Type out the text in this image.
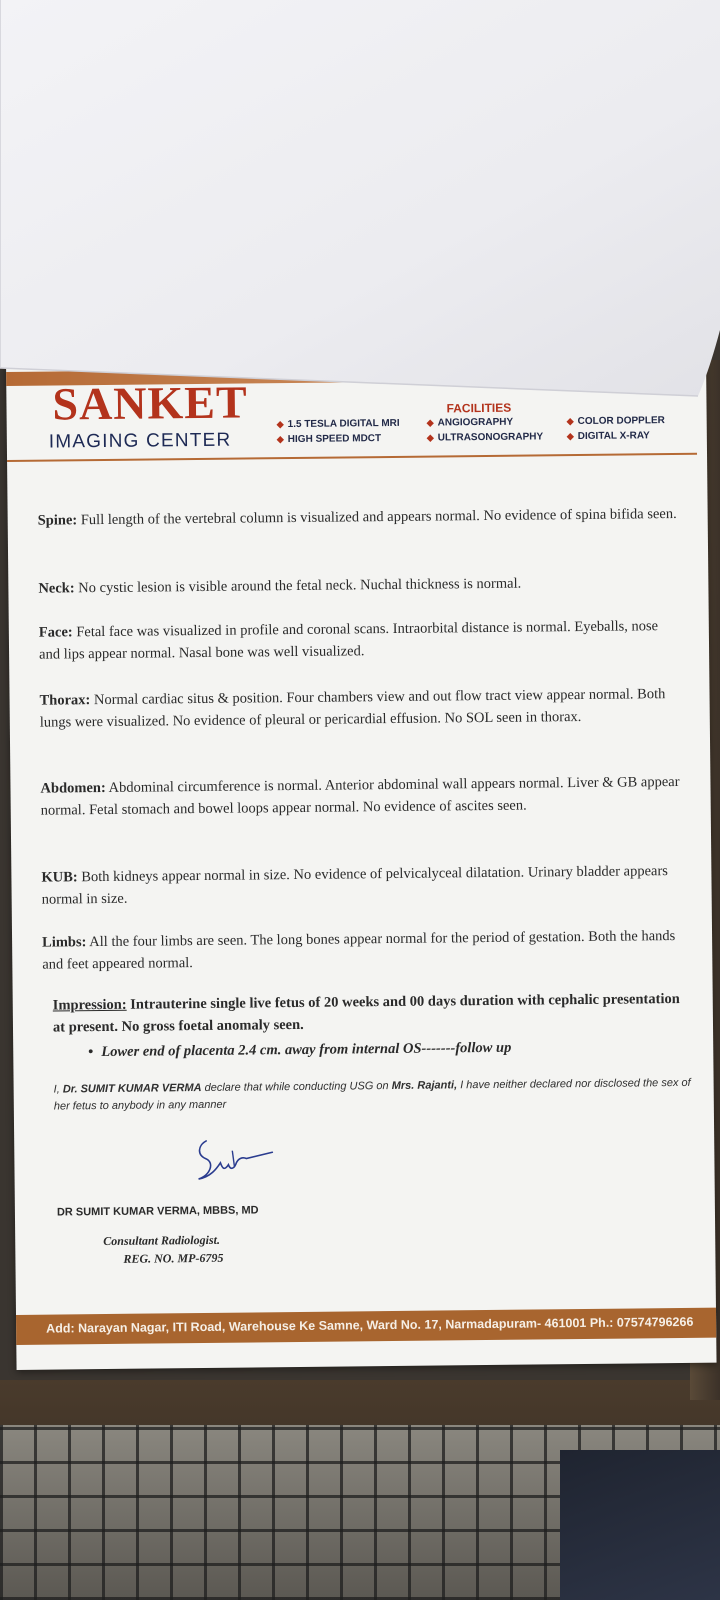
SANKET
IMAGING CENTER
FACILITIES
◆ 1.5 TESLA DIGITAL MRI
◆ HIGH SPEED MDCT
◆ ANGIOGRAPHY
◆ ULTRASONOGRAPHY
◆ COLOR DOPPLER
◆ DIGITAL X-RAY
Spine: Full length of the vertebral column is visualized and appears normal. No evidence of spina bifida seen.
Neck: No cystic lesion is visible around the fetal neck. Nuchal thickness is normal.
Face: Fetal face was visualized in profile and coronal scans. Intraorbital distance is normal. Eyeballs, nose and lips appear normal. Nasal bone was well visualized.
Thorax: Normal cardiac situs & position. Four chambers view and out flow tract view appear normal. Both lungs were visualized. No evidence of pleural or pericardial effusion. No SOL seen in thorax.
Abdomen: Abdominal circumference is normal. Anterior abdominal wall appears normal. Liver & GB appear normal. Fetal stomach and bowel loops appear normal. No evidence of ascites seen.
KUB: Both kidneys appear normal in size. No evidence of pelvicalyceal dilatation. Urinary bladder appears normal in size.
Limbs: All the four limbs are seen. The long bones appear normal for the period of gestation. Both the hands and feet appeared normal.
Impression: Intrauterine single live fetus of 20 weeks and 00 days duration with cephalic presentation at present. No gross foetal anomaly seen.
• Lower end of placenta 2.4 cm. away from internal OS-------follow up
I, Dr. SUMIT KUMAR VERMA declare that while conducting USG on Mrs. Rajanti, I have neither declared nor disclosed the sex of her fetus to anybody in any manner
DR SUMIT KUMAR VERMA, MBBS, MD
Consultant Radiologist.
REG. NO. MP-6795
Add: Narayan Nagar, ITI Road, Warehouse Ke Samne, Ward No. 17, Narmadapuram- 461001 Ph.: 07574796266
